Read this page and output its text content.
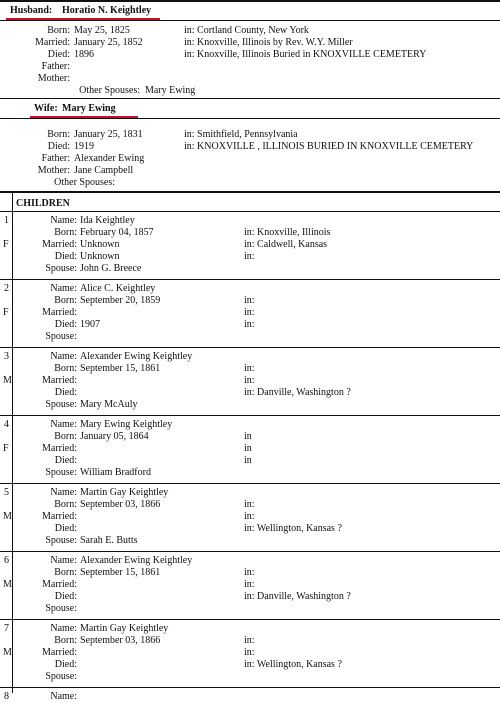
Husband: Horatio N. Keightley
Born: May 25, 1825	in: Cortland County, New York
Married: January 25, 1852	in: Knoxville, Illinois by Rev. W.Y. Miller
Died: 1896	in: Knoxville, Illinois Buried in KNOXVILLE CEMETERY
Father:
Mother:
Other Spouses: Mary Ewing
Wife: Mary Ewing
Born: January 25, 1831	in: Smithfield, Pennsylvania
Died: 1919	in: KNOXVILLE , ILLINOIS BURIED IN KNOXVILLE CEMETERY
Father: Alexander Ewing
Mother: Jane Campbell
Other Spouses:
CHILDREN
1
F
Name: Ida Keightley
Born: February 04, 1857	in: Knoxville, Illinois
Married: Unknown	in: Caldwell, Kansas
Died: Unknown	in:
Spouse: John G. Breece
2
F
Name: Alice C. Keightley
Born: September 20, 1859	in:
Married:	in:
Died: 1907	in:
Spouse:
3
M
Name: Alexander Ewing Keightley
Born: September 15, 1861	in:
Married:	in:
Died:	in: Danville, Washington ?
Spouse: Mary McAuly
4
F
Name: Mary Ewing Keightley
Born: January 05, 1864	in
Married:	in
Died:	in
Spouse: William Bradford
5
M
Name: Martin Gay Keightley
Born: September 03, 1866	in:
Married:	in:
Died:	in: Wellington, Kansas ?
Spouse: Sarah E. Butts
6
M
Name: Alexander Ewing Keightley
Born: September 15, 1861	in:
Married:	in:
Died:	in: Danville, Washington ?
Spouse:
7
M
Name: Martin Gay Keightley
Born: September 03, 1866	in:
Married:	in:
Died:	in: Wellington, Kansas ?
Spouse:
8	Name:
